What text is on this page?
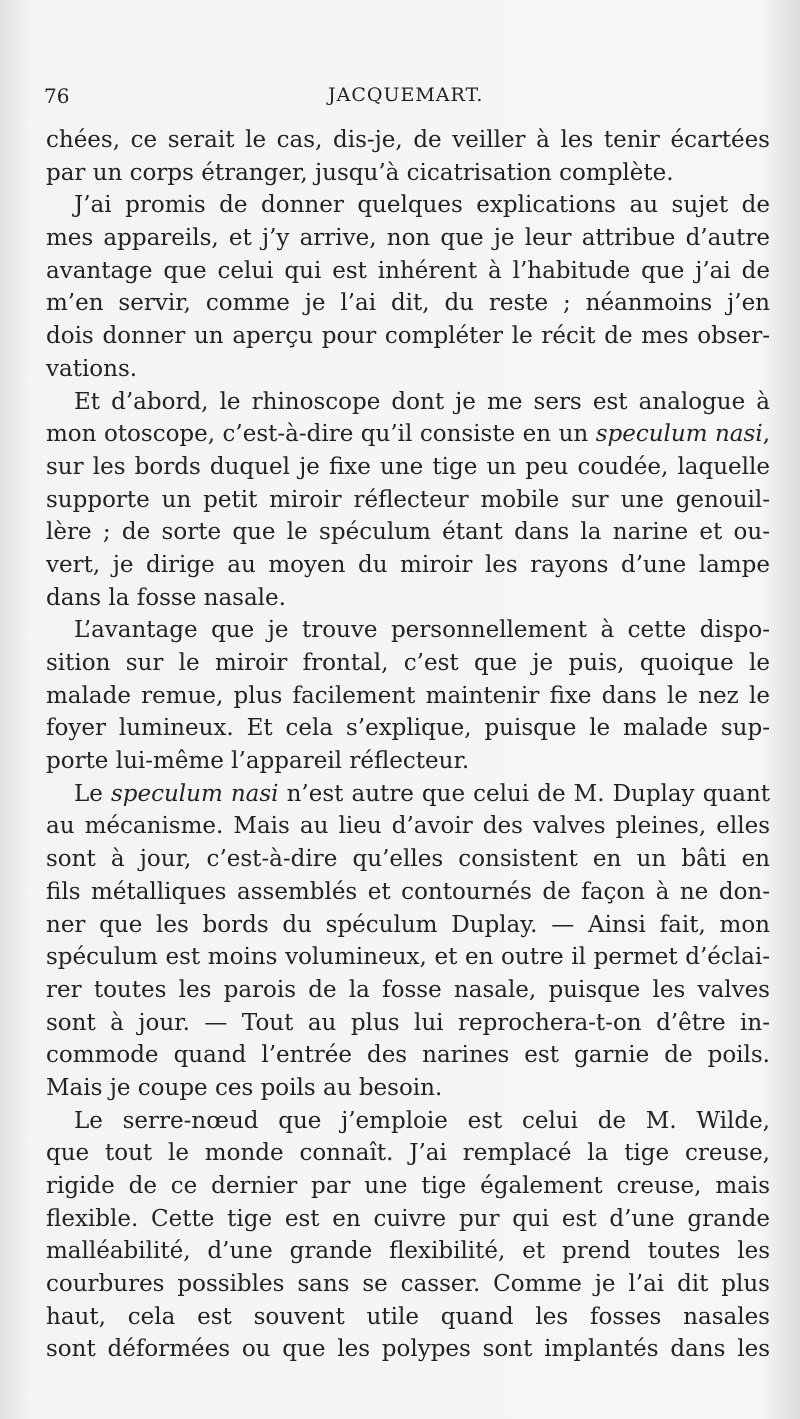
76	JACQUEMART.
chées, ce serait le cas, dis-je, de veiller à les tenir écartées
par un corps étranger, jusqu’à cicatrisation complète.
J’ai promis de donner quelques explications au sujet de
mes appareils, et j’y arrive, non que je leur attribue d’autre
avantage que celui qui est inhérent à l’habitude que j’ai de
m’en servir, comme je l’ai dit, du reste ; néanmoins j’en
dois donner un aperçu pour compléter le récit de mes obser-
vations.
Et d’abord, le rhinoscope dont je me sers est analogue à
mon otoscope, c’est-à-dire qu’il consiste en un speculum nasi,
sur les bords duquel je fixe une tige un peu coudée, laquelle
supporte un petit miroir réflecteur mobile sur une genouil-
lère ; de sorte que le spéculum étant dans la narine et ou-
vert, je dirige au moyen du miroir les rayons d’une lampe
dans la fosse nasale.
L’avantage que je trouve personnellement à cette dispo-
sition sur le miroir frontal, c’est que je puis, quoique le
malade remue, plus facilement maintenir fixe dans le nez le
foyer lumineux. Et cela s’explique, puisque le malade sup-
porte lui-même l’appareil réflecteur.
Le speculum nasi n’est autre que celui de M. Duplay quant
au mécanisme. Mais au lieu d’avoir des valves pleines, elles
sont à jour, c’est-à-dire qu’elles consistent en un bâti en
fils métalliques assemblés et contournés de façon à ne don-
ner que les bords du spéculum Duplay. — Ainsi fait, mon
spéculum est moins volumineux, et en outre il permet d’éclai-
rer toutes les parois de la fosse nasale, puisque les valves
sont à jour. — Tout au plus lui reprochera-t-on d’être in-
commode quand l’entrée des narines est garnie de poils.
Mais je coupe ces poils au besoin.
Le serre-nœud que j’emploie est celui de M. Wilde,
que tout le monde connaît. J’ai remplacé la tige creuse,
rigide de ce dernier par une tige également creuse, mais
flexible. Cette tige est en cuivre pur qui est d’une grande
malléabilité, d’une grande flexibilité, et prend toutes les
courbures possibles sans se casser. Comme je l’ai dit plus
haut, cela est souvent utile quand les fosses nasales
sont déformées ou que les polypes sont implantés dans les
